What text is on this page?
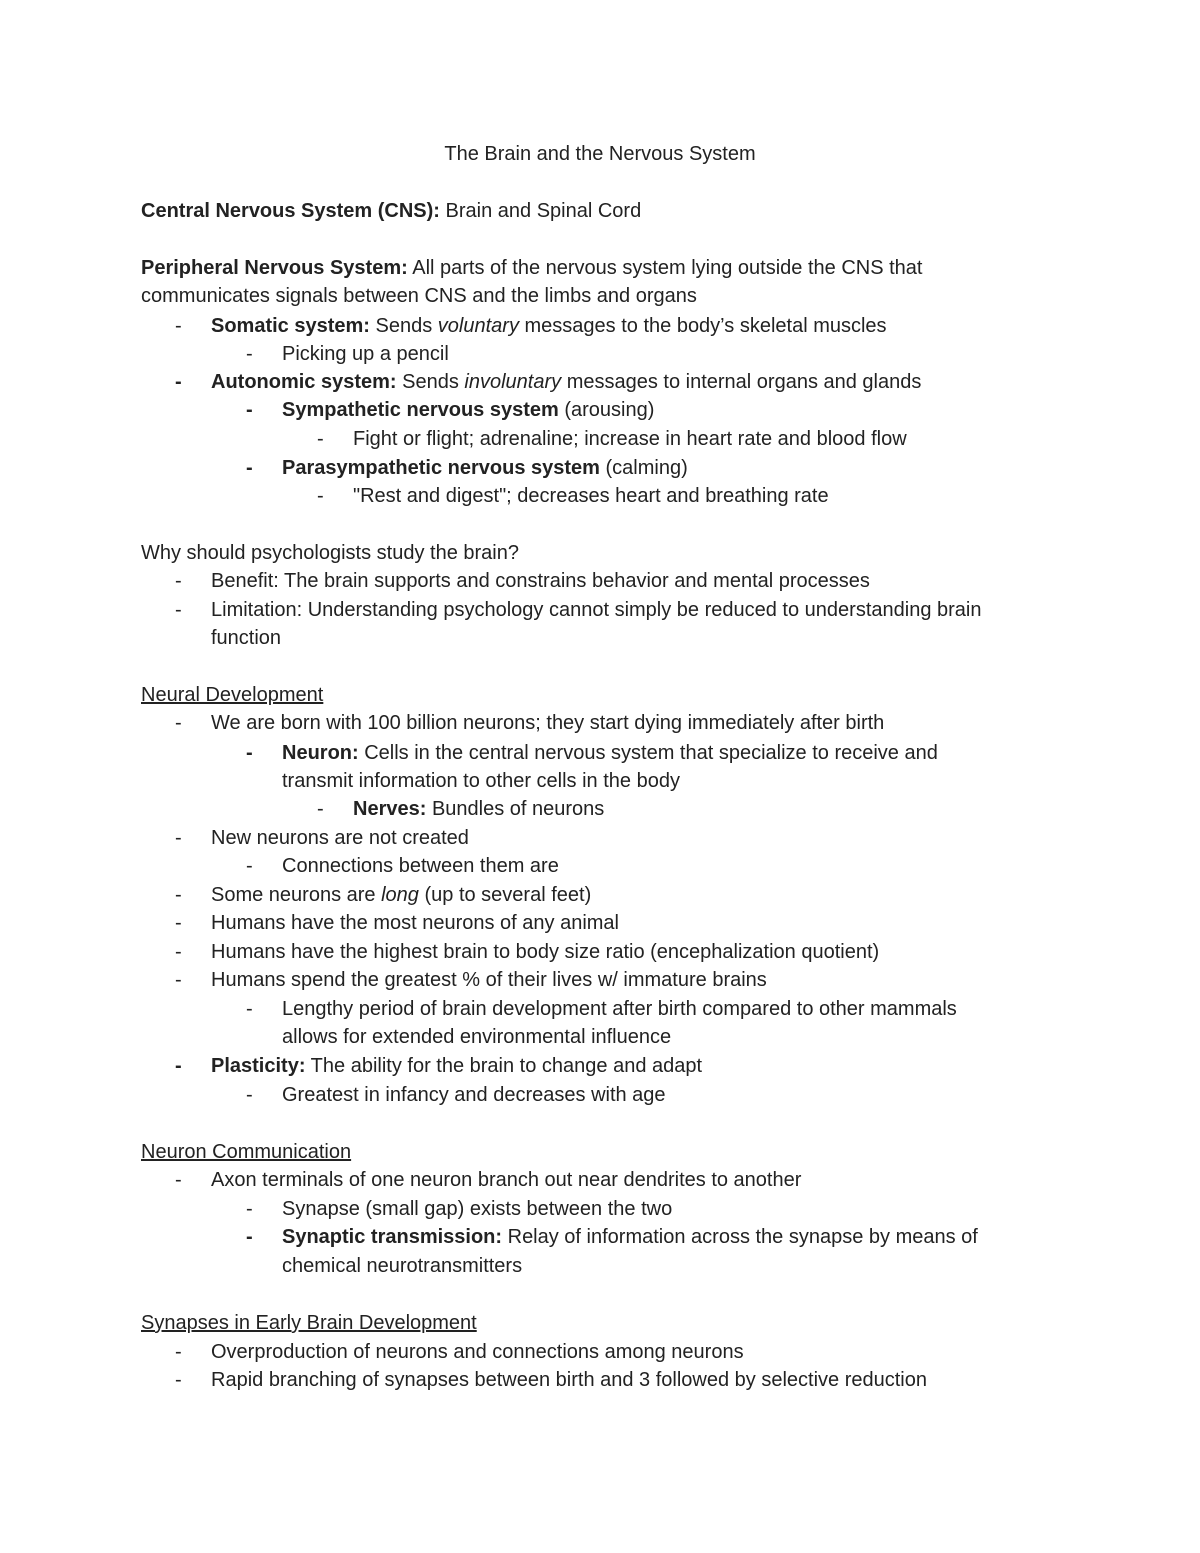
The Brain and the Nervous System
Central Nervous System (CNS): Brain and Spinal Cord
Peripheral Nervous System: All parts of the nervous system lying outside the CNS that
communicates signals between CNS and the limbs and organs
- Somatic system: Sends voluntary messages to the body’s skeletal muscles
- Picking up a pencil
- Autonomic system: Sends involuntary messages to internal organs and glands
- Sympathetic nervous system (arousing)
- Fight or flight; adrenaline; increase in heart rate and blood flow
- Parasympathetic nervous system (calming)
- "Rest and digest"; decreases heart and breathing rate
Why should psychologists study the brain?
- Benefit: The brain supports and constrains behavior and mental processes
- Limitation: Understanding psychology cannot simply be reduced to understanding brain
function
Neural Development
- We are born with 100 billion neurons; they start dying immediately after birth
- Neuron: Cells in the central nervous system that specialize to receive and
transmit information to other cells in the body
- Nerves: Bundles of neurons
- New neurons are not created
- Connections between them are
- Some neurons are long (up to several feet)
- Humans have the most neurons of any animal
- Humans have the highest brain to body size ratio (encephalization quotient)
- Humans spend the greatest % of their lives w/ immature brains
- Lengthy period of brain development after birth compared to other mammals
allows for extended environmental influence
- Plasticity: The ability for the brain to change and adapt
- Greatest in infancy and decreases with age
Neuron Communication
- Axon terminals of one neuron branch out near dendrites to another
- Synapse (small gap) exists between the two
- Synaptic transmission: Relay of information across the synapse by means of
chemical neurotransmitters
Synapses in Early Brain Development
- Overproduction of neurons and connections among neurons
- Rapid branching of synapses between birth and 3 followed by selective reduction
